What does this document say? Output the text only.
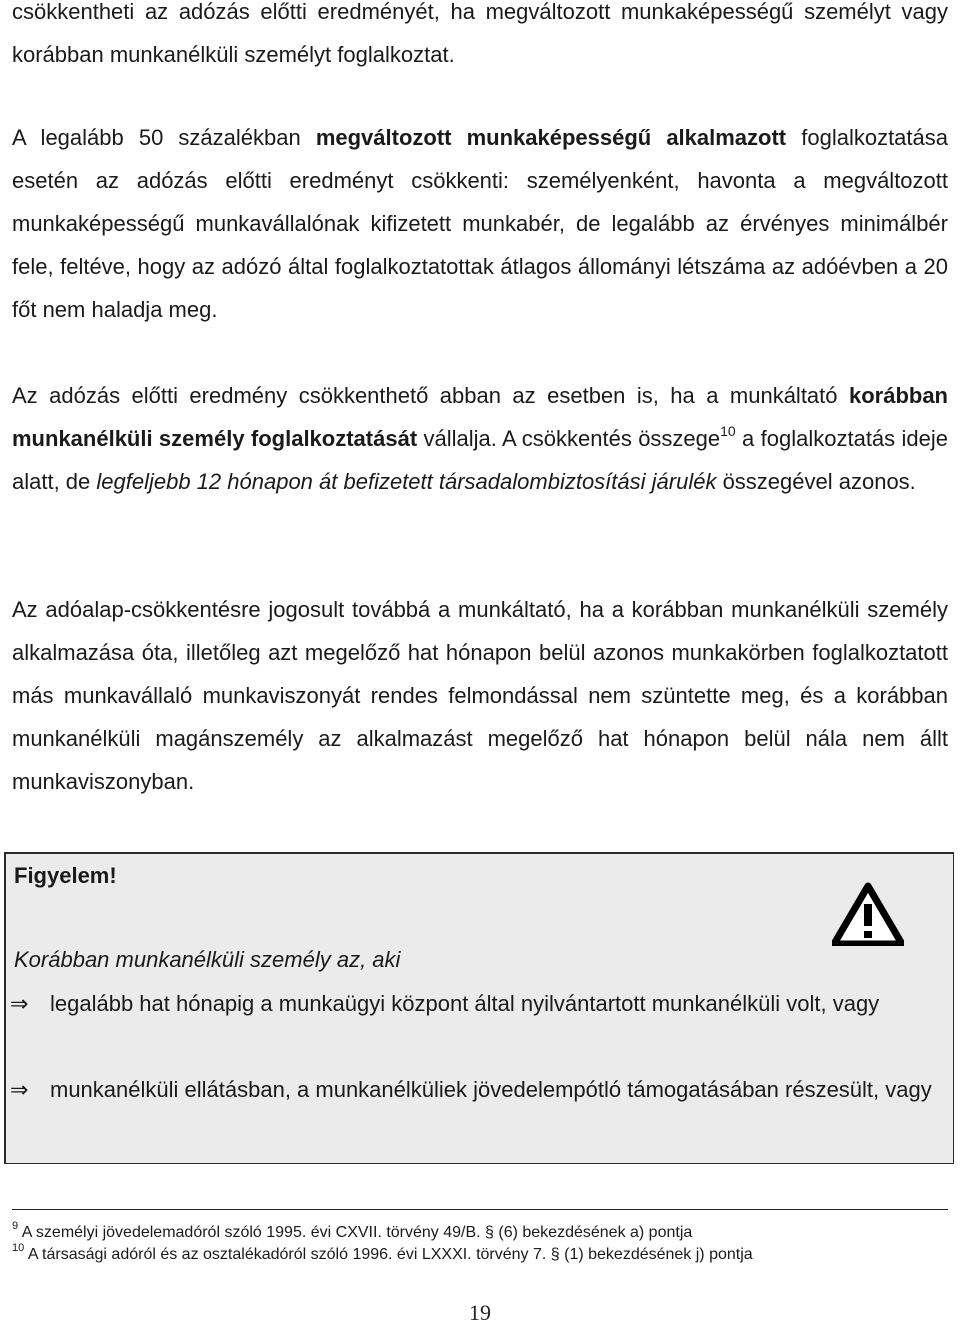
csökkentheti az adózás előtti eredményét, ha megváltozott munkaképességű személyt vagy korábban munkanélküli személyt foglalkoztat.

A legalább 50 százalékban megváltozott munkaképességű alkalmazott foglalkoztatása esetén az adózás előtti eredményt csökkenti: személyenként, havonta a megváltozott munkaképességű munkavállalónak kifizetett munkabér, de legalább az érvényes minimálbér fele, feltéve, hogy az adózó által foglalkoztatottak átlagos állományi létszáma az adóévben a 20 főt nem haladja meg.

Az adózás előtti eredmény csökkenthető abban az esetben is, ha a munkáltató korábban munkanélküli személy foglalkoztatását vállalja. A csökkentés összege$^{10}$ a foglalkoztatás ideje alatt, de legfeljebb 12 hónapon át befizetett társadalombiztosítási járulék összegével azonos.

Az adóalap-csökkentésre jogosult továbbá a munkáltató, ha a korábban munkanélküli személy alkalmazása óta, illetőleg azt megelőző hat hónapon belül azonos munkakörben foglalkoztatott más munkavállaló munkaviszonyát rendes felmondással nem szüntette meg, és a korábban munkanélküli magánszemély az alkalmazást megelőző hat hónapon belül nála nem állt munkaviszonyban.

Figyelem!
Korábban munkanélküli személy az, aki
⇒ legalább hat hónapig a munkaügyi központ által nyilvántartott munkanélküli volt, vagy
⇒ munkanélküli ellátásban, a munkanélküliek jövedelempótló támogatásában részesült, vagy
$^9$ A személyi jövedelemadóról szóló 1995. évi CXVII. törvény 49/B. § (6) bekezdésének a) pontja
$^{10}$ A társasági adóról és az osztalékadóról szóló 1996. évi LXXXI. törvény 7. § (1) bekezdésének j) pontja
19
